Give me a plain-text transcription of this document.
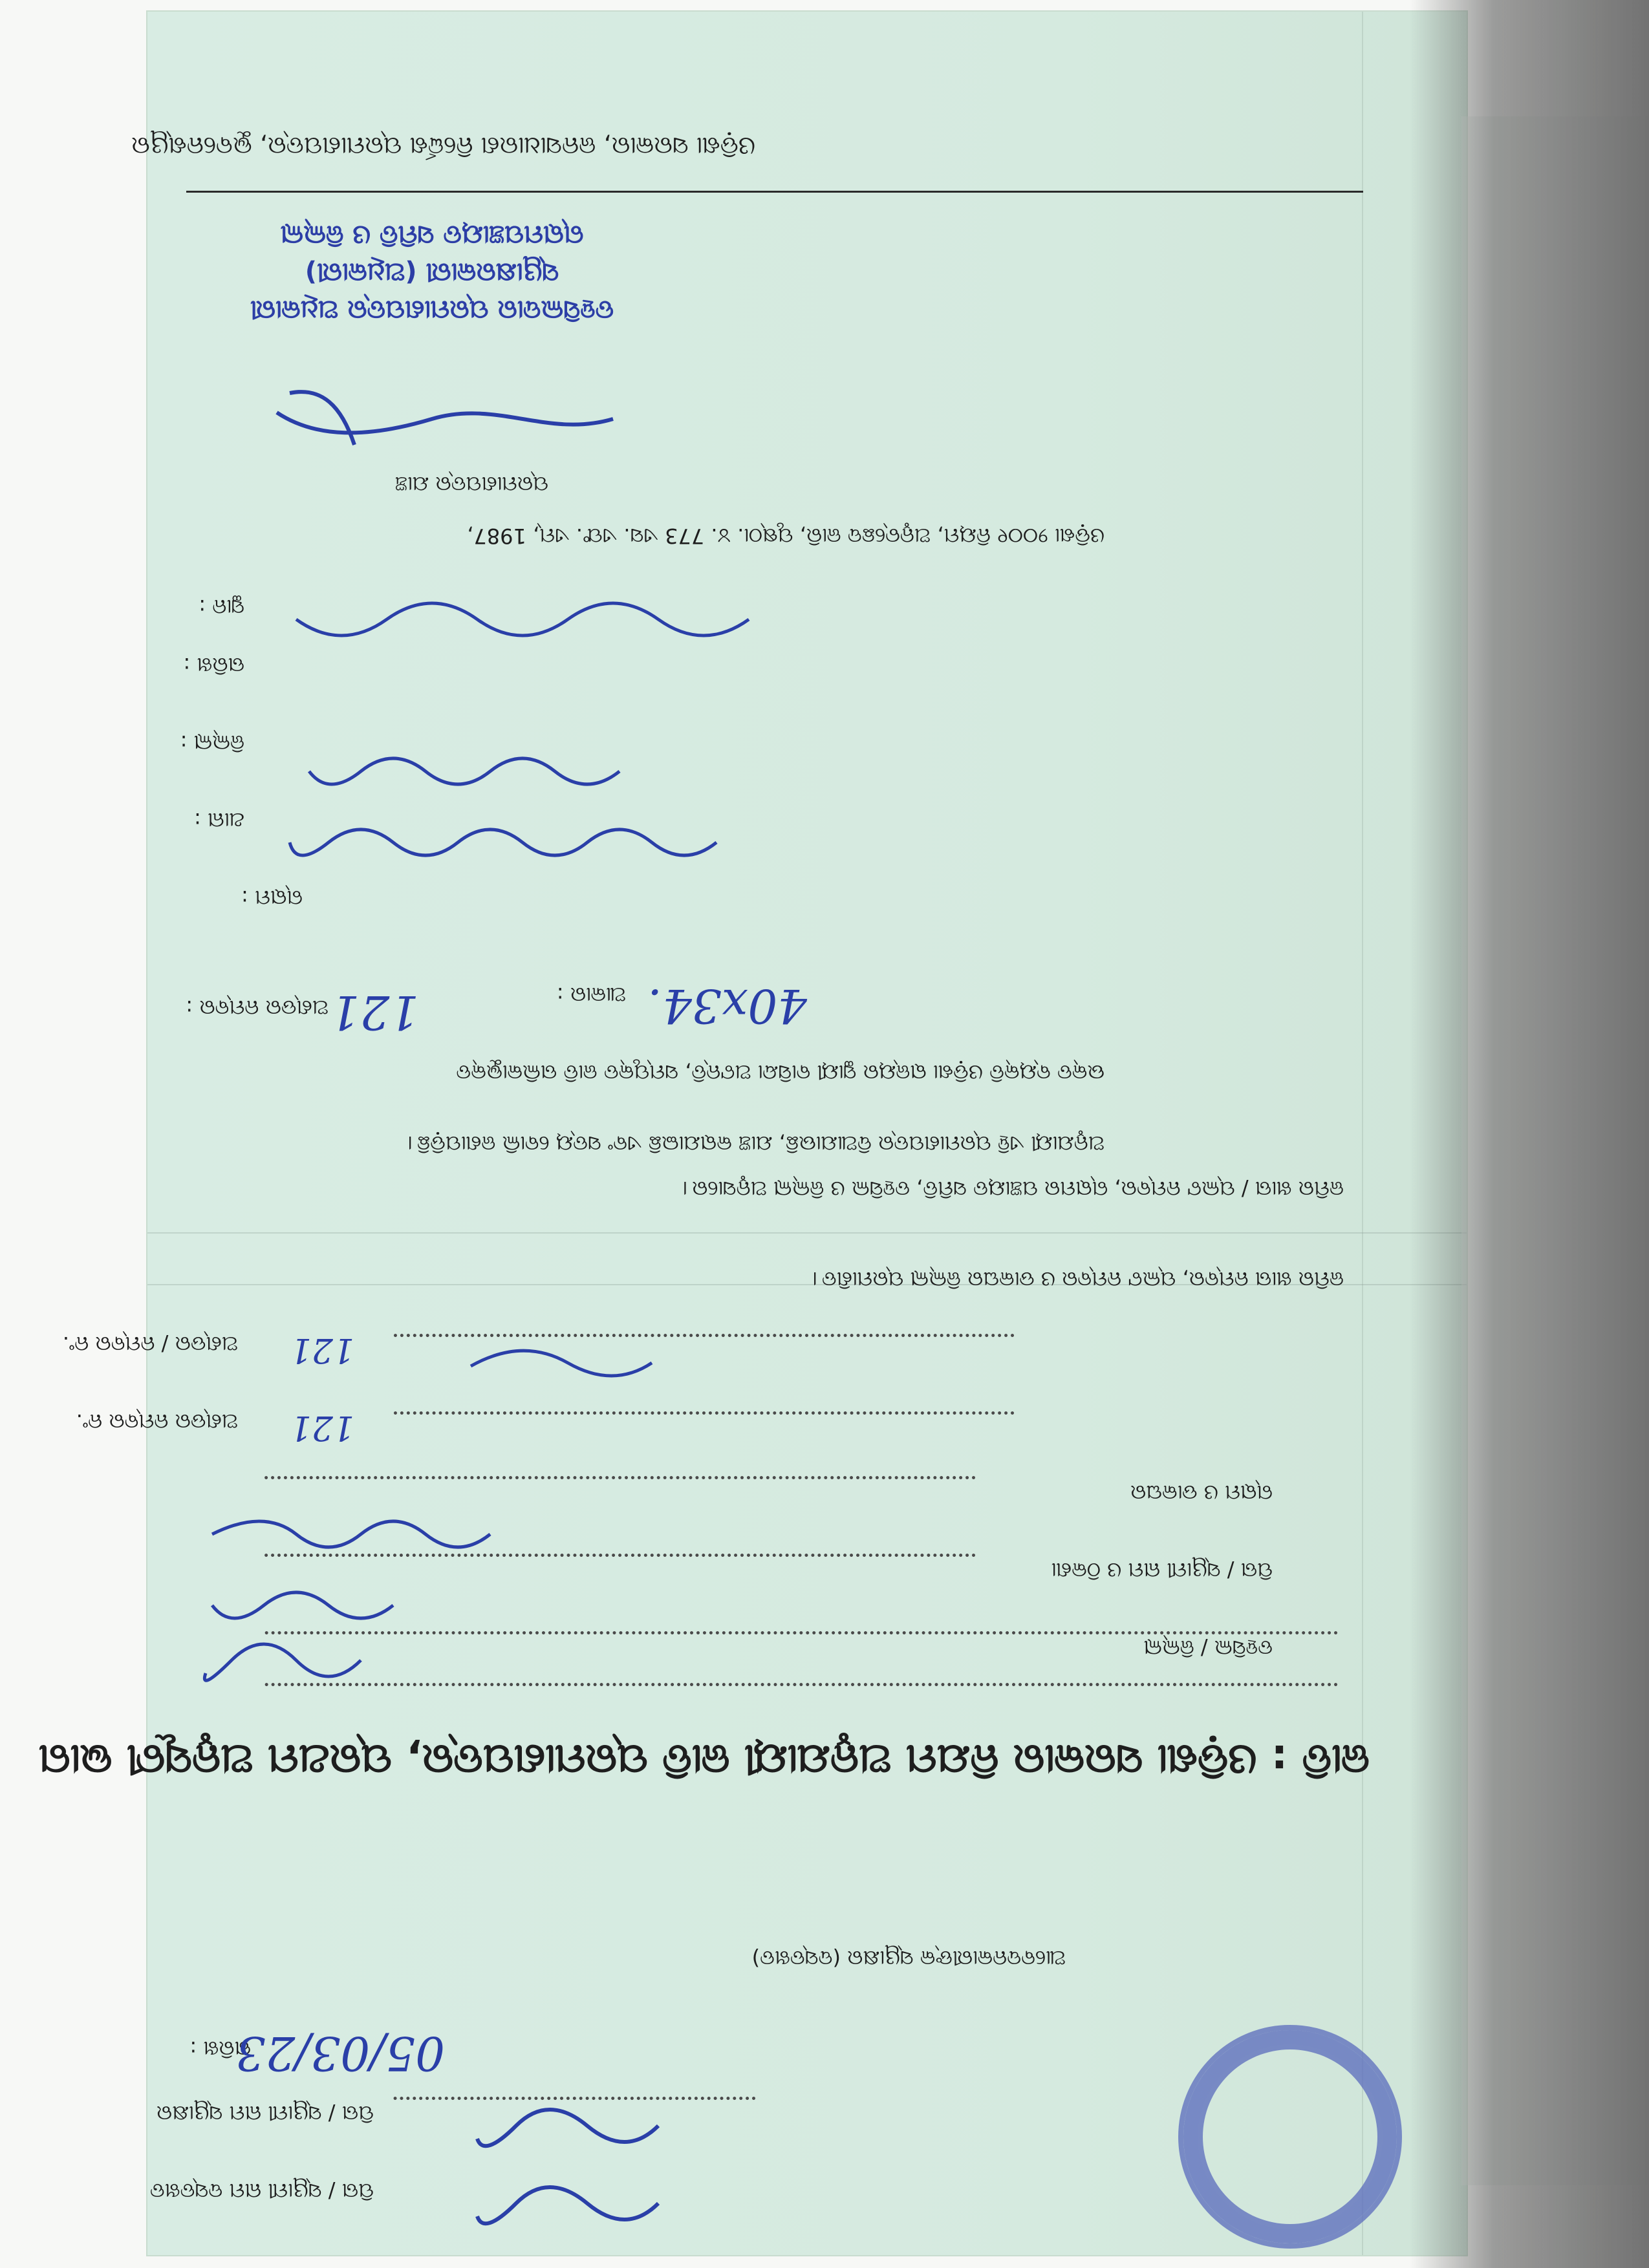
ଓଡ଼ିଶା ସରକାର, ଜନସାଧାରଣ ନିର୍ଦ୍ଦେଶ ପ୍ରମାଣପତ୍ର, ଭୁବନେଶ୍ୱର
ତହସିଲଦାର ପ୍ରମାଣପତ୍ର ଅଧିକାରୀ
ସ୍ୱାକ୍ଷରକାରୀ (ଅଧିକାରୀ)
ଗ୍ରାମପଞ୍ଚାୟତ ସମିତି ଓ ଜିଲ୍ଲା
ଓଡ଼ିଶା ୨୦୦୧ ନିୟମ, ଅନୁଚ୍ଛେଦ ଜାରି, ପୃଷ୍ଠା. ୪. 773 ଏସ. ଏଫ. ଏମ୍, 1987,
ପ୍ରମାଣପତ୍ର ଯାଞ୍ଚ
ସ୍ଥାନ :
ତାରିଖ :
ଜିଲ୍ଲା :
ଥାନା :
ଗ୍ରାମ :
ଆକାର : 40x34.
ଅଣ୍ଡର ନମ୍ବର : 121
ଉକ୍ତ ବ୍ୟକ୍ତି ଓଡ଼ିଶା ରାଜ୍ୟର ସ୍ଥାୟୀ ବାସିନ୍ଦା ଅଟନ୍ତି, ସମ୍ପୃକ୍ତ ଜାତି ତାଲିକାଭୁକ୍ତ
ଅନୁଯାୟୀ ଏହି ପ୍ରମାଣପତ୍ର ଦିଆଯାଉଛି, ଯାଞ୍ଚ କରାଯାଇଛି ଏବଂ ସତ୍ୟ ବୋଲି ଜଣାପଡ଼ିଛି।
ଜମିର ଖାତା / ପ୍ଲଟ ନମ୍ବର, ଗ୍ରାମର ପଞ୍ଚାୟତ ସମିତି, ତହସିଲ ଓ ଜିଲ୍ଲା ଅନୁସାରେ।
ଜମିର ଖାତା ନମ୍ବର, ପ୍ଲଟ ନମ୍ବର ଓ ଡାକଘର ଜିଲ୍ଲା ପ୍ରମାଣିତ।
ଅଣ୍ଡର / ନମ୍ବର ନଂ. 121
ଅଣ୍ଡର ନମ୍ବର ନଂ. 121
ଗ୍ରାମ ଓ ଡାକଘର
ପିତା / ସ୍ୱାମୀ ନାମ ଓ ଠିକଣା
ତହସିଲ / ଜିଲ୍ଲା
ଜାତି : ଓଡ଼ିଶା ସରକାର ନିଯମ ଅନୁଯାୟୀ ଜାତି ପ୍ରମାଣପତ୍ର, ପ୍ରଥମ ଅନୁସୂଚୀ ଭାଗ
ଆବେଦନକାରୀଙ୍କ ସ୍ୱାକ୍ଷର (ଦସ୍ତଖତ)
ପିତା / ସ୍ୱାମୀ ନାମ ସ୍ୱାକ୍ଷର
ପିତା / ସ୍ୱାମୀ ନାମ ଦସ୍ତଖତ
ତାରିଖ :
05/03/23
